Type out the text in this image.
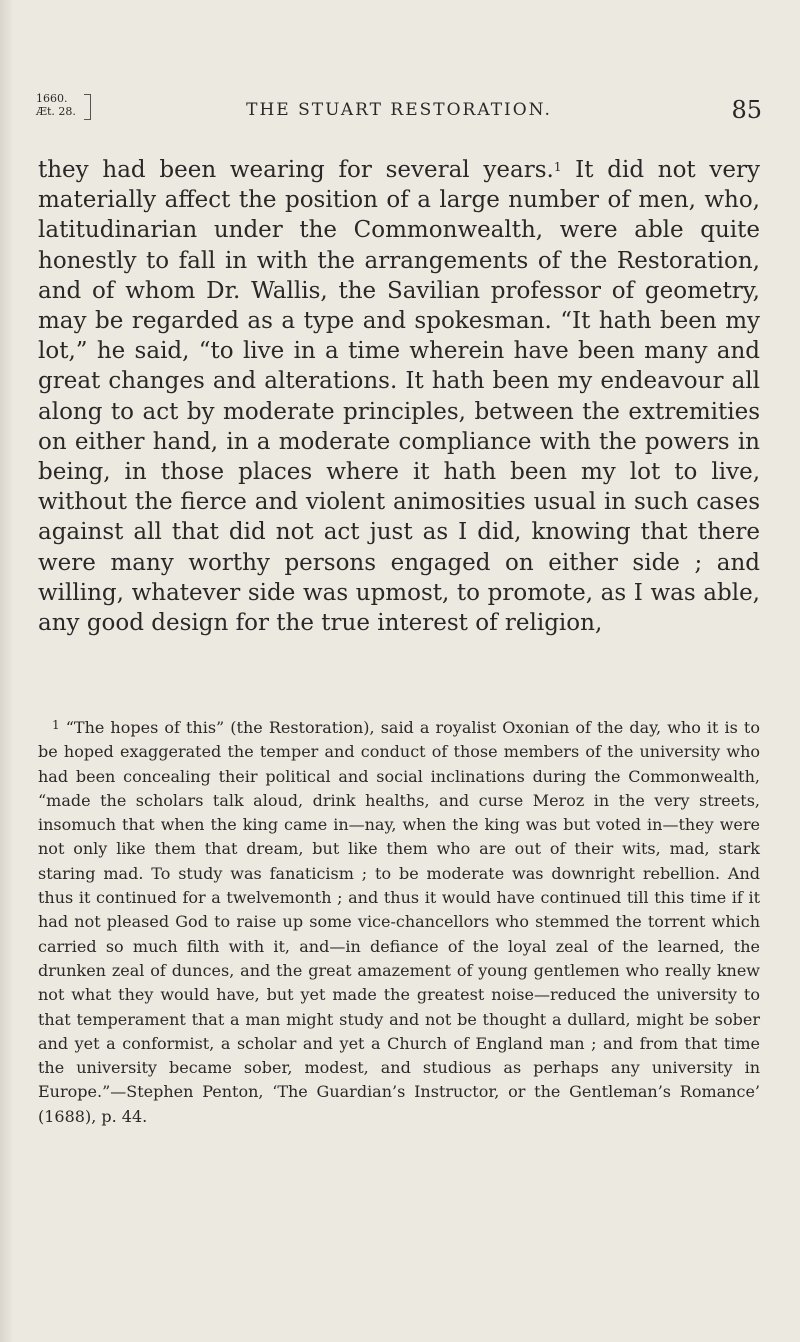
1660.
Æt. 28.	THE STUART RESTORATION.	85

they had been wearing for several years.$^1$ It did not very materially affect the position of a large number of men, who, latitudinarian under the Commonwealth, were able quite honestly to fall in with the arrangements of the Restoration, and of whom Dr. Wallis, the Savilian professor of geometry, may be regarded as a type and spokesman. “It hath been my lot,” he said, “to live in a time wherein have been many and great changes and alterations. It hath been my endeavour all along to act by moderate principles, between the extremities on either hand, in a moderate compliance with the powers in being, in those places where it hath been my lot to live, without the fierce and violent animosities usual in such cases against all that did not act just as I did, knowing that there were many worthy persons engaged on either side ; and willing, whatever side was upmost, to promote, as I was able, any good design for the true interest of religion,

$^1$ “The hopes of this” (the Restoration), said a royalist Oxonian of the day, who it is to be hoped exaggerated the temper and conduct of those members of the university who had been concealing their political and social inclinations during the Commonwealth, “made the scholars talk aloud, drink healths, and curse Meroz in the very streets, insomuch that when the king came in—nay, when the king was but voted in—they were not only like them that dream, but like them who are out of their wits, mad, stark staring mad. To study was fanaticism ; to be moderate was downright rebellion. And thus it continued for a twelvemonth ; and thus it would have continued till this time if it had not pleased God to raise up some vice-chancellors who stemmed the torrent which carried so much filth with it, and—in defiance of the loyal zeal of the learned, the drunken zeal of dunces, and the great amazement of young gentlemen who really knew not what they would have, but yet made the greatest noise—reduced the university to that temperament that a man might study and not be thought a dullard, might be sober and yet a conformist, a scholar and yet a Church of England man ; and from that time the university became sober, modest, and studious as perhaps any university in Europe.”—Stephen Penton, ‘The Guardian’s Instructor, or the Gentleman’s Romance’ (1688), p. 44.
